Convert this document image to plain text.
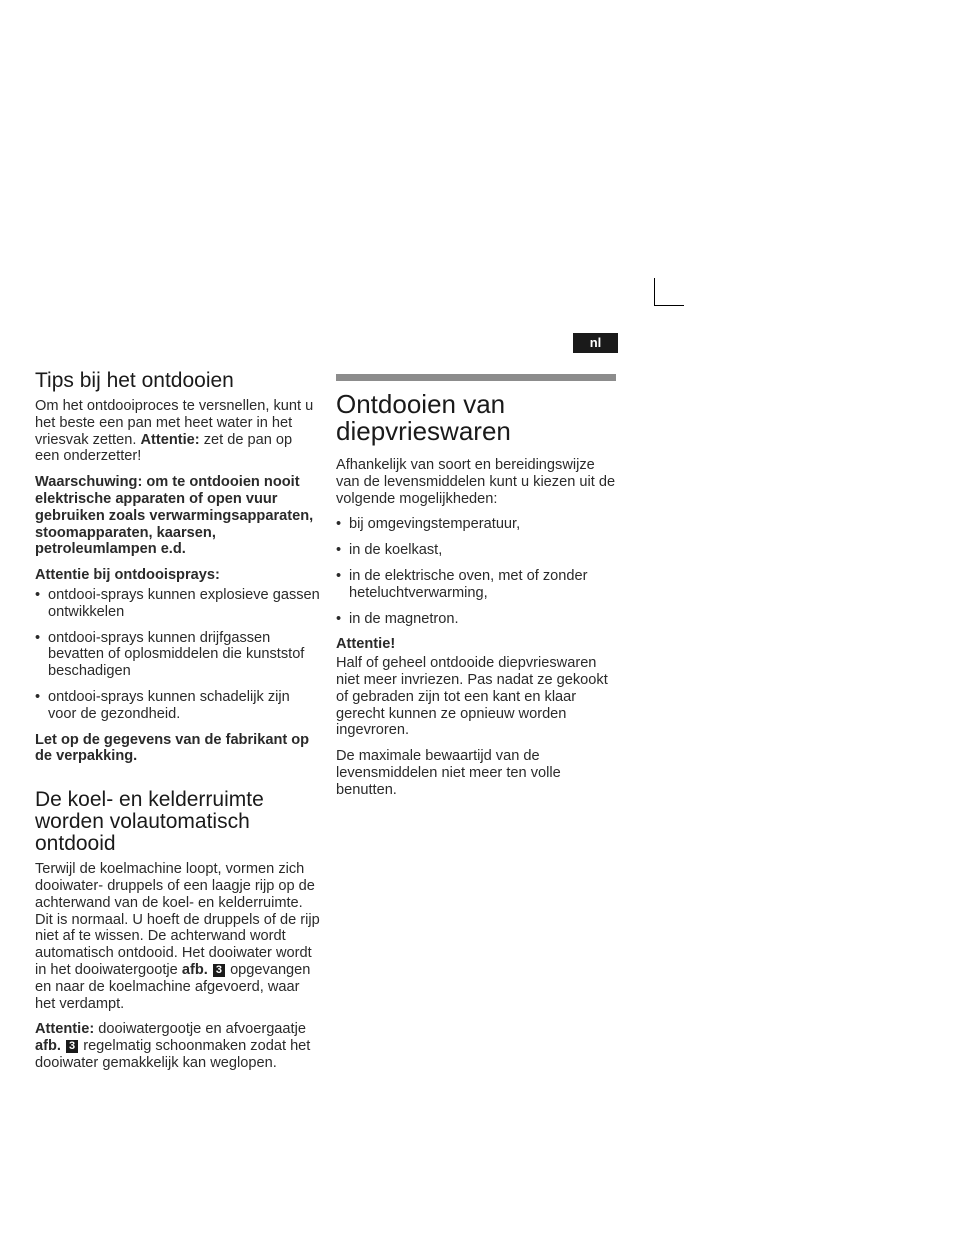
nl
Tips bij het ontdooien

Om het ontdooiproces te versnellen, kunt u het beste een pan met heet water in het vriesvak zetten. Attentie: zet de pan op een onderzetter!

Waarschuwing: om te ontdooien nooit elektrische apparaten of open vuur gebruiken zoals verwarmingsapparaten, stoomapparaten, kaarsen, petroleumlampen e.d.

Attentie bij ontdooisprays:

• ontdooi-sprays kunnen explosieve gassen ontwikkelen
• ontdooi-sprays kunnen drijfgassen bevatten of oplosmiddelen die kunststof beschadigen
• ontdooi-sprays kunnen schadelijk zijn voor de gezondheid.

Let op de gegevens van de fabrikant op de verpakking.

De koel- en kelderruimte worden volautomatisch ontdooid

Terwijl de koelmachine loopt, vormen zich dooiwater- druppels of een laagje rijp op de achterwand van de koel- en kelderruimte. Dit is normaal. U hoeft de druppels of de rijp niet af te wissen. De achterwand wordt automatisch ontdooid. Het dooiwater wordt in het dooiwatergootje afb. 3 opgevangen en naar de koelmachine afgevoerd, waar het verdampt.

Attentie: dooiwatergootje en afvoergaatje afb. 3 regelmatig schoonmaken zodat het dooiwater gemakkelijk kan weglopen.

Ontdooien van diepvrieswaren

Afhankelijk van soort en bereidingswijze van de levensmiddelen kunt u kiezen uit de volgende mogelijkheden:

• bij omgevingstemperatuur,
• in de koelkast,
• in de elektrische oven, met of zonder heteluchtverwarming,
• in de magnetron.

Attentie!

Half of geheel ontdooide diepvrieswaren niet meer invriezen. Pas nadat ze gekookt of gebraden zijn tot een kant en klaar gerecht kunnen ze opnieuw worden ingevroren.

De maximale bewaartijd van de levensmiddelen niet meer ten volle benutten.
